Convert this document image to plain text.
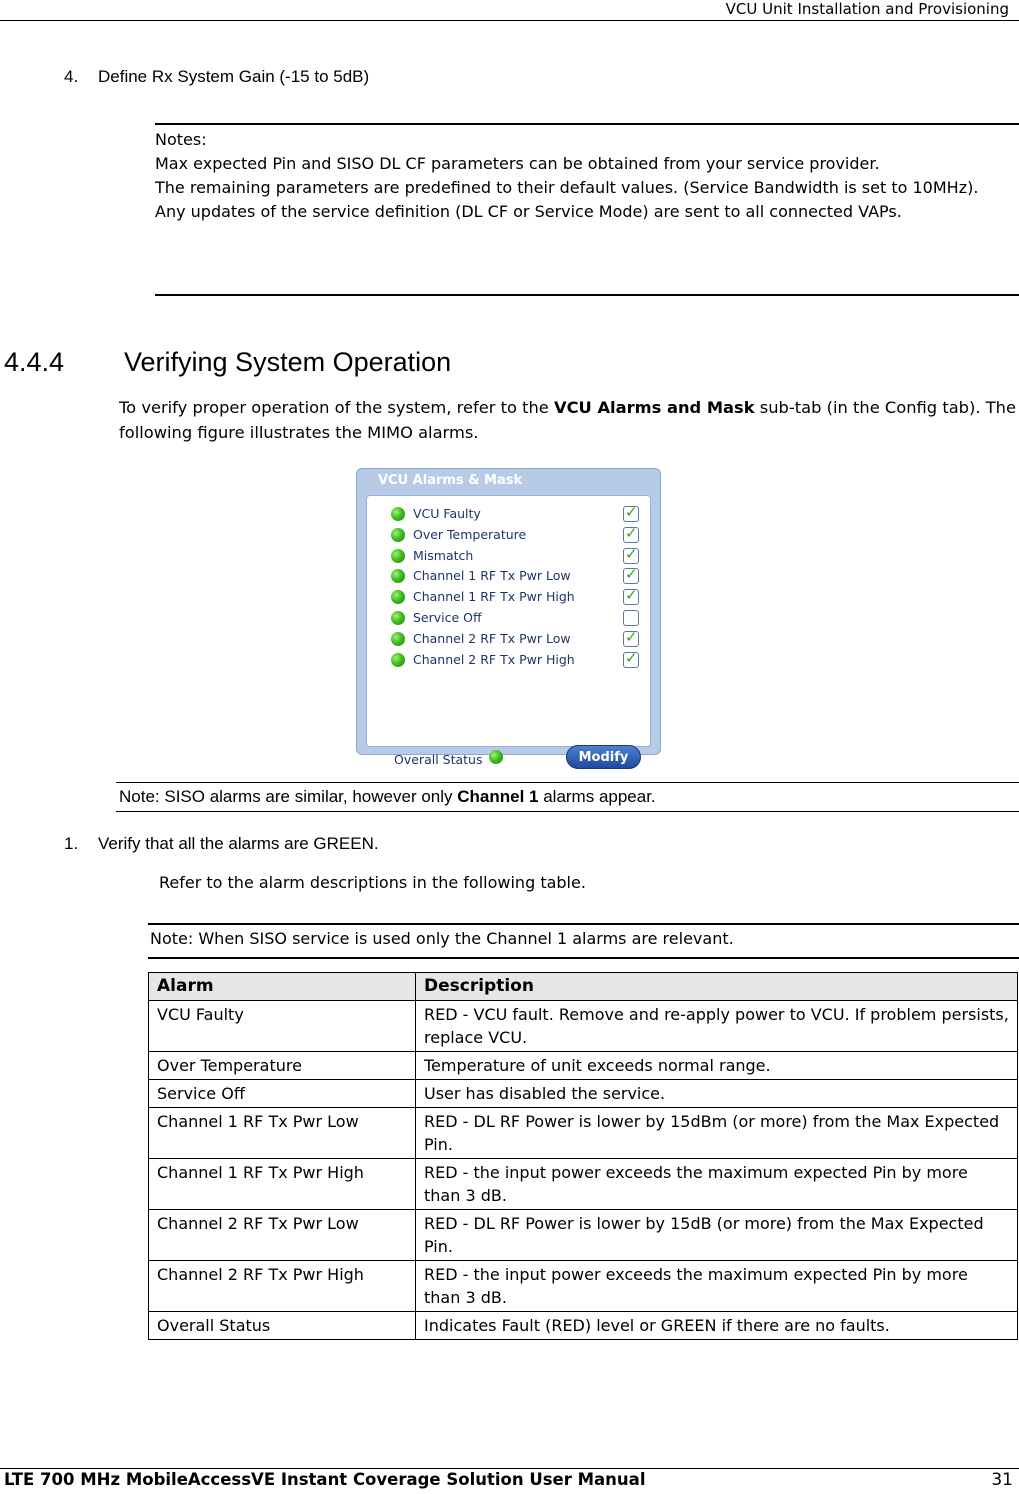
VCU Unit Installation and Provisioning
4. Define Rx System Gain (-15 to 5dB)

Notes:

Max expected Pin and SISO DL CF parameters can be obtained from your service provider.

The remaining parameters are predefined to their default values. (Service Bandwidth is set to 10MHz).

Any updates of the service definition (DL CF or Service Mode) are sent to all connected VAPs.

4.4.4 Verifying System Operation
To verify proper operation of the system, refer to the VCU Alarms and Mask sub-tab (in the Config tab). The following figure illustrates the MIMO alarms.
VCU Alarms & Mask
Overall Status	Modify
VCU Faulty
✓
Over Temperature
✓
Mismatch
✓
Channel 1 RF Tx Pwr Low
✓
Channel 1 RF Tx Pwr High
✓
Service Off
Channel 2 RF Tx Pwr Low
✓
Channel 2 RF Tx Pwr High
✓
Note: SISO alarms are similar, however only Channel 1 alarms appear.
1. Verify that all the alarms are GREEN.
Refer to the alarm descriptions in the following table.
Note: When SISO service is used only the Channel 1 alarms are relevant.
Alarm	Description
VCU Faulty	RED - VCU fault. Remove and re-apply power to VCU. If problem persists, replace VCU.
Over Temperature	Temperature of unit exceeds normal range.
Service Off	User has disabled the service.
Channel 1 RF Tx Pwr Low	RED - DL RF Power is lower by 15dBm (or more) from the Max Expected Pin.
Channel 1 RF Tx Pwr High	RED - the input power exceeds the maximum expected Pin by more than 3 dB.
Channel 2 RF Tx Pwr Low	RED - DL RF Power is lower by 15dB (or more) from the Max Expected Pin.
Channel 2 RF Tx Pwr High	RED - the input power exceeds the maximum expected Pin by more than 3 dB.
Overall Status	Indicates Fault (RED) level or GREEN if there are no faults.
LTE 700 MHz MobileAccessVE Instant Coverage Solution User Manual	31
